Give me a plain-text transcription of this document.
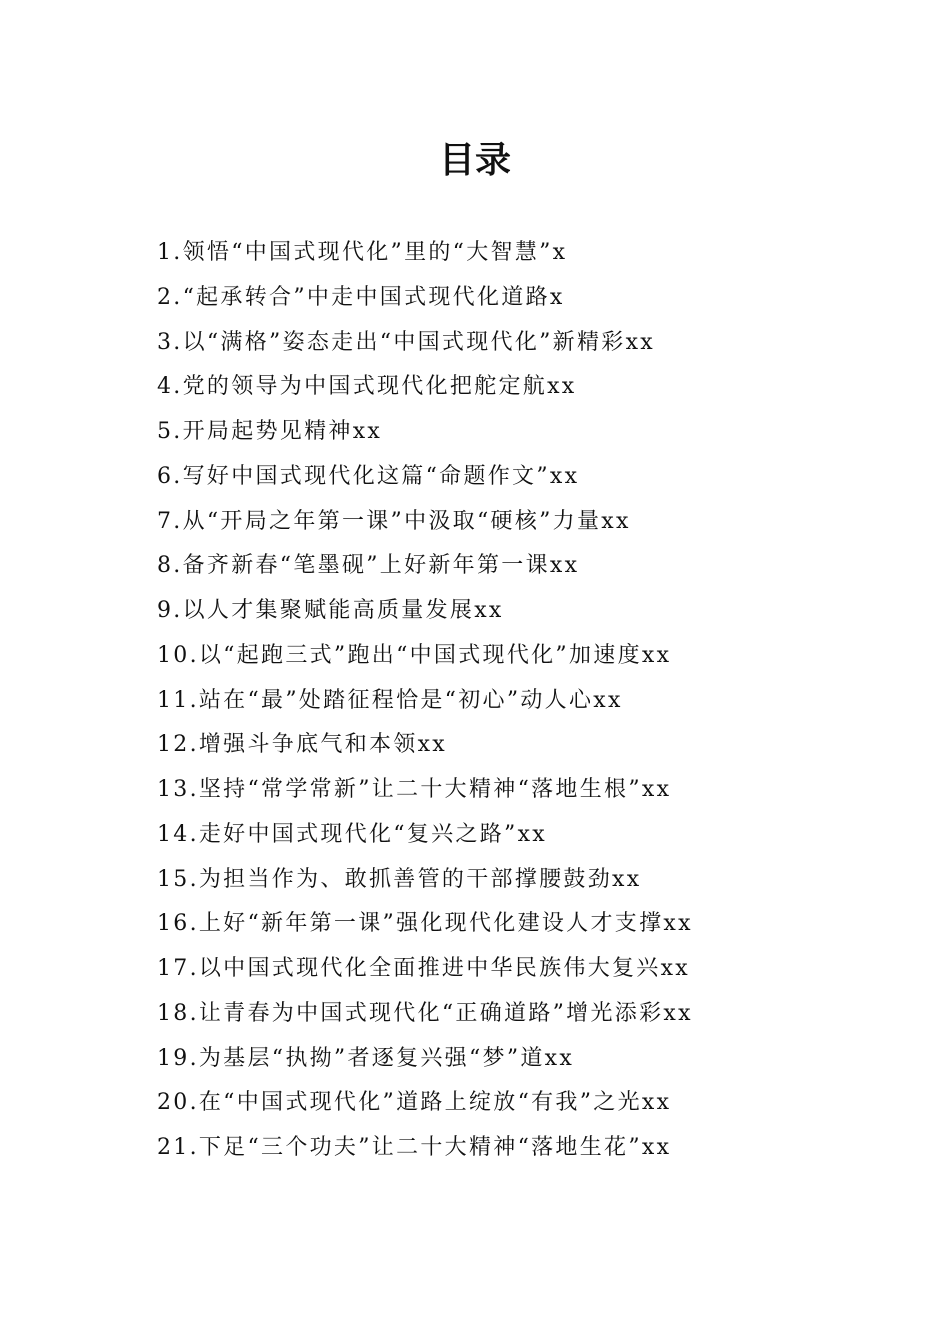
目录
1.领悟“中国式现代化”里的“大智慧”x
2.“起承转合”中走中国式现代化道路x
3.以“满格”姿态走出“中国式现代化”新精彩xx
4.党的领导为中国式现代化把舵定航xx
5.开局起势见精神xx
6.写好中国式现代化这篇“命题作文”xx
7.从“开局之年第一课”中汲取“硬核”力量xx
8.备齐新春“笔墨砚”上好新年第一课xx
9.以人才集聚赋能高质量发展xx
10.以“起跑三式”跑出“中国式现代化”加速度xx
11.站在“最”处踏征程恰是“初心”动人心xx
12.增强斗争底气和本领xx
13.坚持“常学常新”让二十大精神“落地生根”xx
14.走好中国式现代化“复兴之路”xx
15.为担当作为、敢抓善管的干部撑腰鼓劲xx
16.上好“新年第一课”强化现代化建设人才支撑xx
17.以中国式现代化全面推进中华民族伟大复兴xx
18.让青春为中国式现代化“正确道路”增光添彩xx
19.为基层“执拗”者逐复兴强“梦”道xx
20.在“中国式现代化”道路上绽放“有我”之光xx
21.下足“三个功夫”让二十大精神“落地生花”xx
